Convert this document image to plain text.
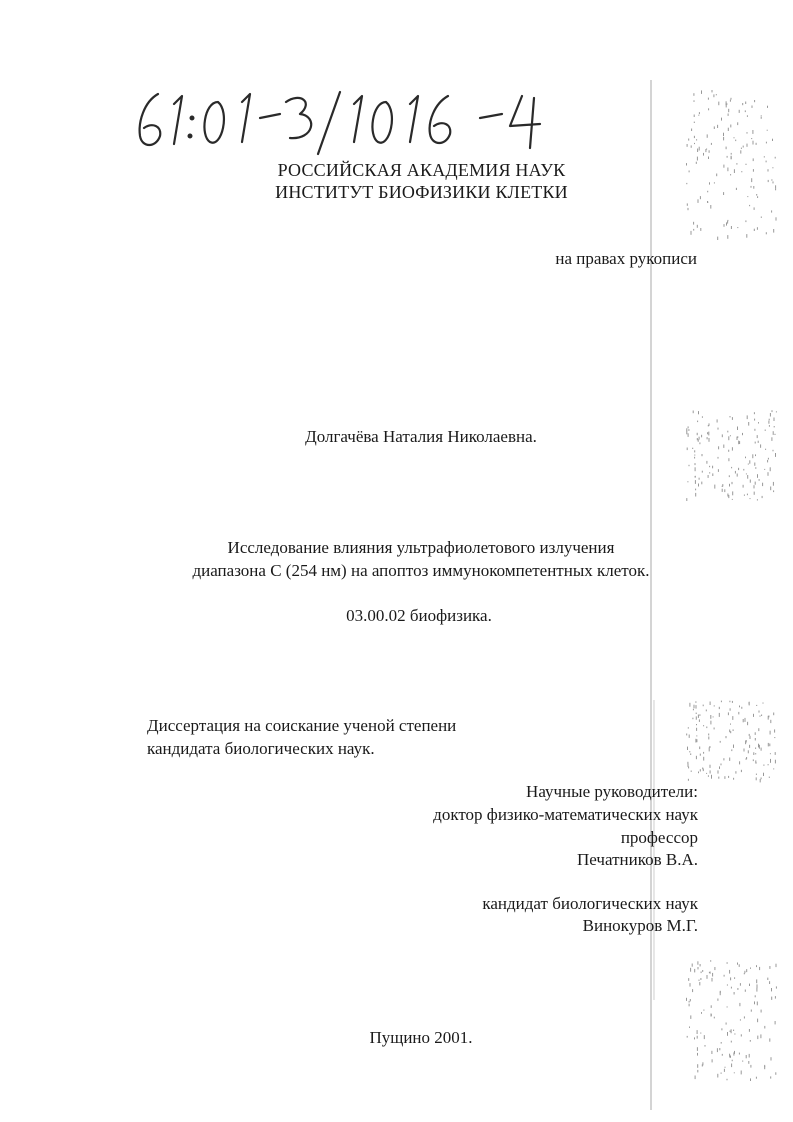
РОССИЙСКАЯ АКАДЕМИЯ НАУК
ИНСТИТУТ БИОФИЗИКИ КЛЕТКИ
на правах рукописи
Долгачёва Наталия Николаевна.
Исследование влияния ультрафиолетового излучения
диапазона С (254 нм) на апоптоз иммунокомпетентных клеток.
03.00.02 биофизика.
Диссертация на соискание ученой степени
кандидата биологических наук.
Научные руководители:
доктор физико-математических наук
профессор
Печатников В.А.
кандидат биологических наук
Винокуров М.Г.
Пущино 2001.
